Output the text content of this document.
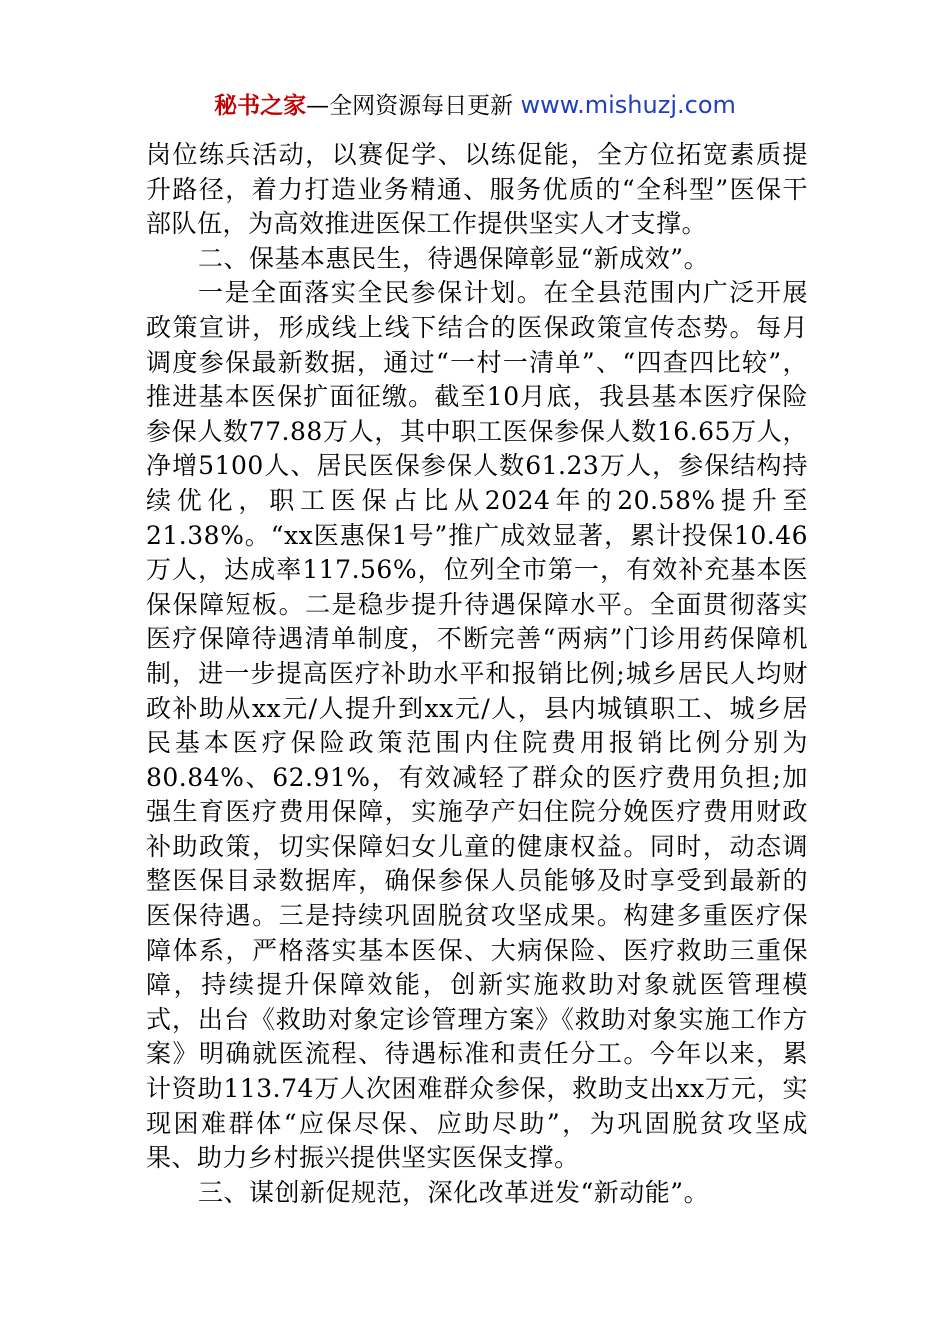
秘书之家—全网资源每日更新 www.mishuzj.com

岗位练兵活动，以赛促学、以练促能，全方位拓宽素质提升路径，着力打造业务精通、服务优质的“全科型”医保干部队伍，为高效推进医保工作提供坚实人才支撑。

二、保基本惠民生，待遇保障彰显“新成效”。

一是全面落实全民参保计划。在全县范围内广泛开展政策宣讲，形成线上线下结合的医保政策宣传态势。每月调度参保最新数据，通过“一村一清单”、“四查四比较”，推进基本医保扩面征缴。截至10月底，我县基本医疗保险参保人数77.88万人，其中职工医保参保人数16.65万人，净增5100人、居民医保参保人数61.23万人，参保结构持续优化，职工医保占比从2024年的20.58%提升至21.38%。“xx医惠保1号”推广成效显著，累计投保10.46万人，达成率117.56%，位列全市第一，有效补充基本医保保障短板。二是稳步提升待遇保障水平。全面贯彻落实医疗保障待遇清单制度，不断完善“两病”门诊用药保障机制，进一步提高医疗补助水平和报销比例;城乡居民人均财政补助从xx元/人提升到xx元/人，县内城镇职工、城乡居民基本医疗保险政策范围内住院费用报销比例分别为80.84%、62.91%，有效减轻了群众的医疗费用负担;加强生育医疗费用保障，实施孕产妇住院分娩医疗费用财政补助政策，切实保障妇女儿童的健康权益。同时，动态调整医保目录数据库，确保参保人员能够及时享受到最新的医保待遇。三是持续巩固脱贫攻坚成果。构建多重医疗保障体系，严格落实基本医保、大病保险、医疗救助三重保障，持续提升保障效能，创新实施救助对象就医管理模式，出台《救助对象定诊管理方案》《救助对象实施工作方案》明确就医流程、待遇标准和责任分工。今年以来，累计资助113.74万人次困难群众参保，救助支出xx万元，实现困难群体“应保尽保、应助尽助”，为巩固脱贫攻坚成果、助力乡村振兴提供坚实医保支撑。

三、谋创新促规范，深化改革迸发“新动能”。
